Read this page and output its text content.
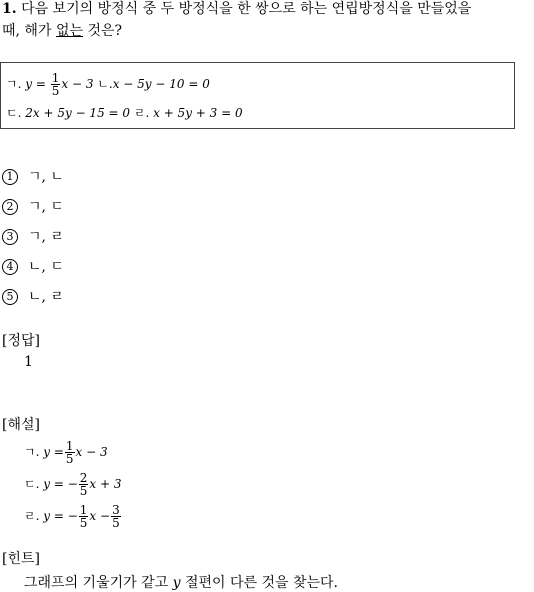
1. 다음 보기의 방정식 중 두 방정식을 한 쌍으로 하는 연립방정식을 만들었을
때, 해가 없는 것은?
ㄱ. $y = \frac{1}{5}$ x − 3 ㄴ.x − 5y − 10 = 0
ㄷ. 2x + 5y − 15 = 0 ㄹ. x + 5y + 3 = 0
1 ㄱ, ㄴ
2 ㄱ, ㄷ
3 ㄱ, ㄹ
4 ㄴ, ㄷ
5 ㄴ, ㄹ
[정답]
1
[해설]
ㄱ. $y = \frac{1}{5}$ x − 3
ㄷ. y = − $\frac{2}{5}$ x + 3
ㄹ. y = − $\frac{1}{5}$ $x - \frac{3}{5}$
[힌트]
그래프의 기울기가 같고 y 절편이 다른 것을 찾는다.
